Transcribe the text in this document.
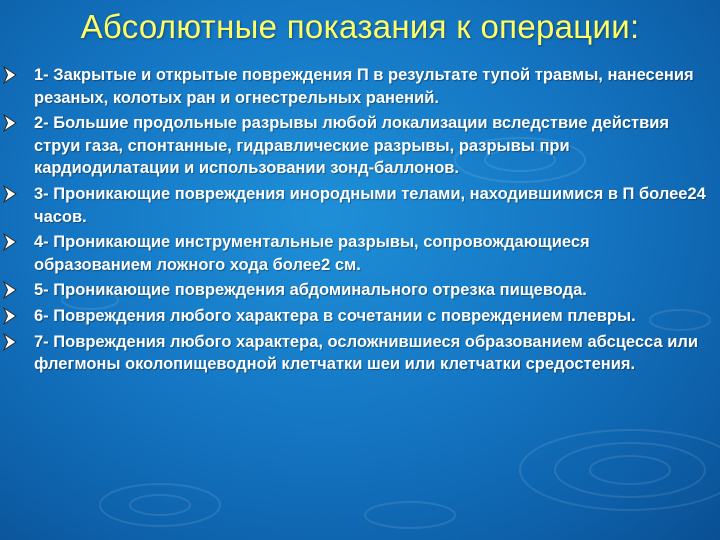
Абсолютные показания к операции:
1- Закрытые и открытые повреждения П в результате тупой травмы, нанесения резаных, колотых ран и огнестрельных ранений.
2- Большие продольные разрывы любой локализации вследствие действия струи газа, спонтанные, гидравлические разрывы, разрывы при кардиодилатации и использовании зонд-баллонов.
3- Проникающие повреждения инородными телами, находившимися в П более24 часов.
4- Проникающие инструментальные разрывы, сопровождающиеся образованием ложного хода более2 см.
5- Проникающие повреждения абдоминального отрезка пищевода.
6- Повреждения любого характера в сочетании с повреждением плевры.
7- Повреждения любого характера, осложнившиеся образованием абсцесса или флегмоны околопищеводной клетчатки шеи или клетчатки средостения.
